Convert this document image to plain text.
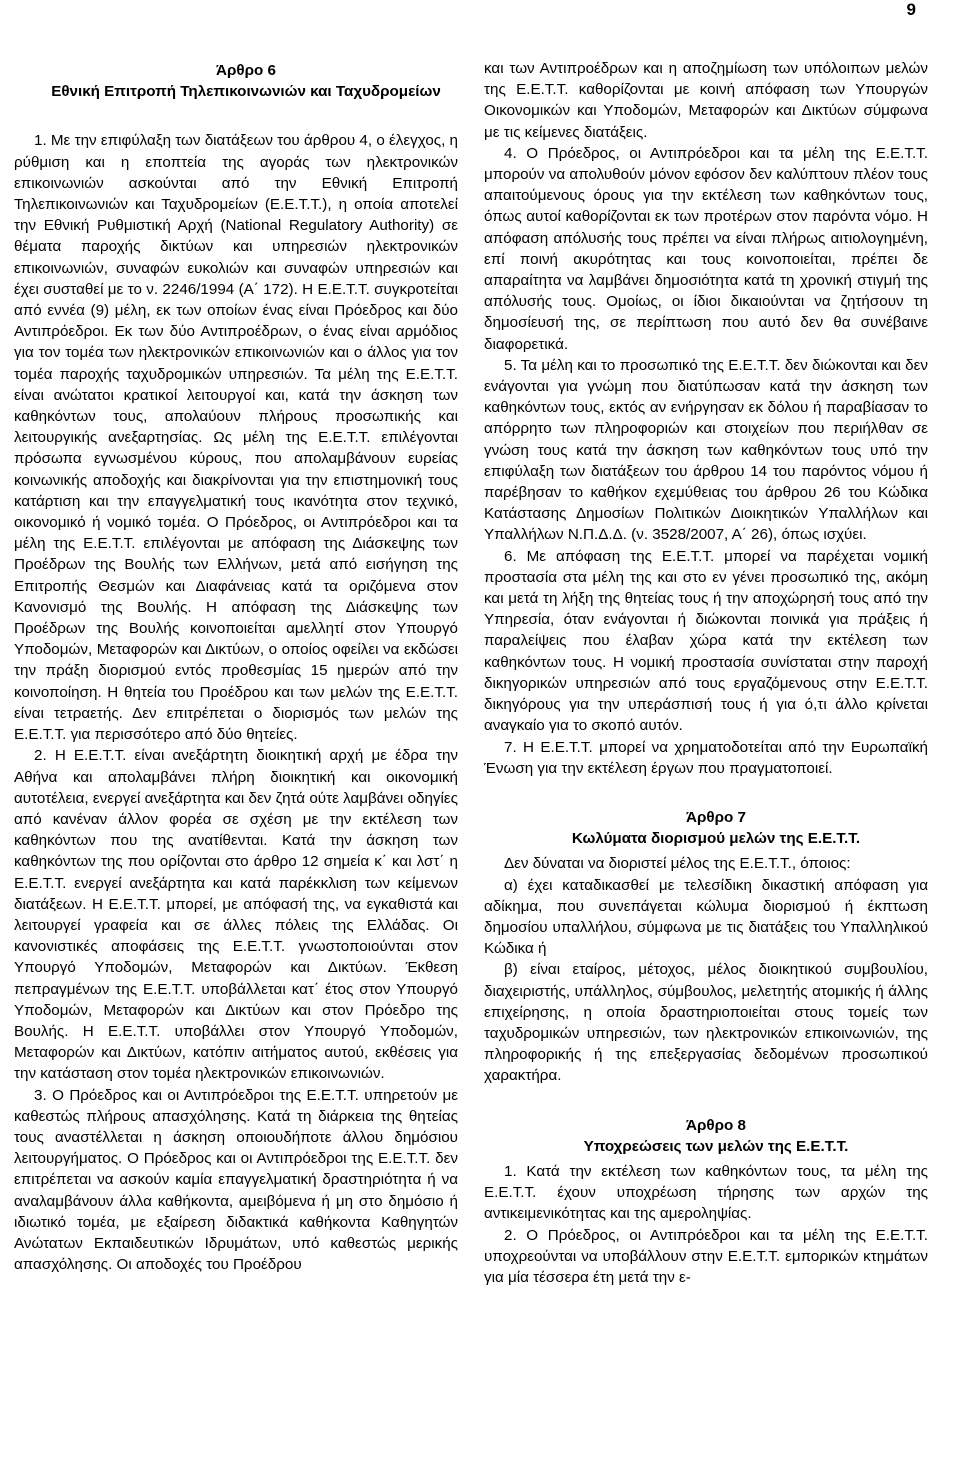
9

Άρθρο 6

Εθνική Επιτροπή Τηλεπικοινωνιών και Ταχυδρομείων

1. Με την επιφύλαξη των διατάξεων του άρθρου 4, ο έλεγχος, η ρύθμιση και η εποπτεία της αγοράς των ηλεκτρονικών επικοινωνιών ασκούνται από την Εθνική Επιτροπή Τηλεπικοινωνιών και Ταχυδρομείων (Ε.Ε.Τ.Τ.), η οποία αποτελεί την Εθνική Ρυθμιστική Αρχή (National Regulatory Authority) σε θέματα παροχής δικτύων και υπηρεσιών ηλεκτρονικών επικοινωνιών, συναφών ευκολιών και συναφών υπηρεσιών και έχει συσταθεί με το ν. 2246/1994 (Α΄ 172). Η Ε.Ε.Τ.Τ. συγκροτείται από εννέα (9) μέλη, εκ των οποίων ένας είναι Πρόεδρος και δύο Αντιπρόεδροι. Εκ των δύο Αντιπροέδρων, ο ένας είναι αρμόδιος για τον τομέα των ηλεκτρονικών επικοινωνιών και ο άλλος για τον τομέα παροχής ταχυδρομικών υπηρεσιών. Τα μέλη της Ε.Ε.Τ.Τ. είναι ανώτατοι κρατικοί λειτουργοί και, κατά την άσκηση των καθηκόντων τους, απολαύουν πλήρους προσωπικής και λειτουργικής ανεξαρτησίας. Ως μέλη της Ε.Ε.Τ.Τ. επιλέγονται πρόσωπα εγνωσμένου κύρους, που απολαμβάνουν ευρείας κοινωνικής αποδοχής και διακρίνονται για την επιστημονική τους κατάρτιση και την επαγγελματική τους ικανότητα στον τεχνικό, οικονομικό ή νομικό τομέα. Ο Πρόεδρος, οι Αντιπρόεδροι και τα μέλη της Ε.Ε.Τ.Τ. επιλέγονται με απόφαση της Διάσκεψης των Προέδρων της Βουλής των Ελλήνων, μετά από εισήγηση της Επιτροπής Θεσμών και Διαφάνειας κατά τα οριζόμενα στον Κανονισμό της Βουλής. Η απόφαση της Διάσκεψης των Προέδρων της Βουλής κοινοποιείται αμελλητί στον Υπουργό Υποδομών, Μεταφορών και Δικτύων, ο οποίος οφείλει να εκδώσει την πράξη διορισμού εντός προθεσμίας 15 ημερών από την κοινοποίηση. Η θητεία του Προέδρου και των μελών της Ε.Ε.Τ.Τ. είναι τετραετής. Δεν επιτρέπεται ο διορισμός των μελών της Ε.Ε.Τ.Τ. για περισσότερο από δύο θητείες.

2. Η Ε.Ε.Τ.Τ. είναι ανεξάρτητη διοικητική αρχή με έδρα την Αθήνα και απολαμβάνει πλήρη διοικητική και οικονομική αυτοτέλεια, ενεργεί ανεξάρτητα και δεν ζητά ούτε λαμβάνει οδηγίες από κανέναν άλλον φορέα σε σχέση με την εκτέλεση των καθηκόντων που της ανατίθενται. Κατά την άσκηση των καθηκόντων της που ορίζονται στο άρθρο 12 σημεία κ΄ και λστ΄ η Ε.Ε.Τ.Τ. ενεργεί ανεξάρτητα και κατά παρέκκλιση των κείμενων διατάξεων. Η Ε.Ε.Τ.Τ. μπορεί, με απόφασή της, να εγκαθιστά και λειτουργεί γραφεία και σε άλλες πόλεις της Ελλάδας. Οι κανονιστικές αποφάσεις της Ε.Ε.Τ.Τ. γνωστοποιούνται στον Υπουργό Υποδομών, Μεταφορών και Δικτύων. Έκθεση πεπραγμένων της Ε.Ε.Τ.Τ. υποβάλλεται κατ΄ έτος στον Υπουργό Υποδομών, Μεταφορών και Δικτύων και στον Πρόεδρο της Βουλής. Η Ε.Ε.Τ.Τ. υποβάλλει στον Υπουργό Υποδομών, Μεταφορών και Δικτύων, κατόπιν αιτήματος αυτού, εκθέσεις για την κατάσταση στον τομέα ηλεκτρονικών επικοινωνιών.

3. Ο Πρόεδρος και οι Αντιπρόεδροι της Ε.Ε.Τ.Τ. υπηρετούν με καθεστώς πλήρους απασχόλησης. Κατά τη διάρκεια της θητείας τους αναστέλλεται η άσκηση οποιουδήποτε άλλου δημόσιου λειτουργήματος. Ο Πρόεδρος και οι Αντιπρόεδροι της Ε.Ε.Τ.Τ. δεν επιτρέπεται να ασκούν καμία επαγγελματική δραστηριότητα ή να αναλαμβάνουν άλλα καθήκοντα, αμειβόμενα ή μη στο δημόσιο ή ιδιωτικό τομέα, με εξαίρεση διδακτικά καθήκοντα Καθηγητών Ανώτατων Εκπαιδευτικών Ιδρυμάτων, υπό καθεστώς μερικής απασχόλησης. Οι αποδοχές του Προέδρου

και των Αντιπροέδρων και η αποζημίωση των υπόλοιπων μελών της Ε.Ε.Τ.Τ. καθορίζονται με κοινή απόφαση των Υπουργών Οικονομικών και Υποδομών, Μεταφορών και Δικτύων σύμφωνα με τις κείμενες διατάξεις.

4. Ο Πρόεδρος, οι Αντιπρόεδροι και τα μέλη της Ε.Ε.Τ.Τ. μπορούν να απολυθούν μόνον εφόσον δεν καλύπτουν πλέον τους απαιτούμενους όρους για την εκτέλεση των καθηκόντων τους, όπως αυτοί καθορίζονται εκ των προτέρων στον παρόντα νόμο. Η απόφαση απόλυσής τους πρέπει να είναι πλήρως αιτιολογημένη, επί ποινή ακυρότητας και τους κοινοποιείται, πρέπει δε απαραίτητα να λαμβάνει δημοσιότητα κατά τη χρονική στιγμή της απόλυσής τους. Ομοίως, οι ίδιοι δικαιούνται να ζητήσουν τη δημοσίευσή της, σε περίπτωση που αυτό δεν θα συνέβαινε διαφορετικά.

5. Τα μέλη και το προσωπικό της Ε.Ε.Τ.Τ. δεν διώκονται και δεν ενάγονται για γνώμη που διατύπωσαν κατά την άσκηση των καθηκόντων τους, εκτός αν ενήργησαν εκ δόλου ή παραβίασαν το απόρρητο των πληροφοριών και στοιχείων που περιήλθαν σε γνώση τους κατά την άσκηση των καθηκόντων τους υπό την επιφύλαξη των διατάξεων του άρθρου 14 του παρόντος νόμου ή παρέβησαν το καθήκον εχεμύθειας του άρθρου 26 του Κώδικα Κατάστασης Δημοσίων Πολιτικών Διοικητικών Υπαλλήλων και Υπαλλήλων Ν.Π.Δ.Δ. (ν. 3528/2007, Α΄ 26), όπως ισχύει.

6. Με απόφαση της Ε.Ε.Τ.Τ. μπορεί να παρέχεται νομική προστασία στα μέλη της και στο εν γένει προσωπικό της, ακόμη και μετά τη λήξη της θητείας τους ή την αποχώρησή τους από την Υπηρεσία, όταν ενάγονται ή διώκονται ποινικά για πράξεις ή παραλείψεις που έλαβαν χώρα κατά την εκτέλεση των καθηκόντων τους. Η νομική προστασία συνίσταται στην παροχή δικηγορικών υπηρεσιών από τους εργαζόμενους στην Ε.Ε.Τ.Τ. δικηγόρους για την υπεράσπισή τους ή για ό,τι άλλο κρίνεται αναγκαίο για το σκοπό αυτόν.

7. Η Ε.Ε.Τ.Τ. μπορεί να χρηματοδοτείται από την Ευρωπαϊκή Ένωση για την εκτέλεση έργων που πραγματοποιεί.

Άρθρο 7

Κωλύματα διορισμού μελών της Ε.Ε.Τ.Τ.

Δεν δύναται να διοριστεί μέλος της Ε.Ε.Τ.Τ., όποιος:

α) έχει καταδικασθεί με τελεσίδικη δικαστική απόφαση για αδίκημα, που συνεπάγεται κώλυμα διορισμού ή έκπτωση δημοσίου υπαλλήλου, σύμφωνα με τις διατάξεις του Υπαλληλικού Κώδικα ή

β) είναι εταίρος, μέτοχος, μέλος διοικητικού συμβουλίου, διαχειριστής, υπάλληλος, σύμβουλος, μελετητής ατομικής ή άλλης επιχείρησης, η οποία δραστηριοποιείται στους τομείς των ταχυδρομικών υπηρεσιών, των ηλεκτρονικών επικοινωνιών, της πληροφορικής ή της επεξεργασίας δεδομένων προσωπικού χαρακτήρα.

Άρθρο 8

Υποχρεώσεις των μελών της Ε.Ε.Τ.Τ.

1. Κατά την εκτέλεση των καθηκόντων τους, τα μέλη της Ε.Ε.Τ.Τ. έχουν υποχρέωση τήρησης των αρχών της αντικειμενικότητας και της αμεροληψίας.

2. Ο Πρόεδρος, οι Αντιπρόεδροι και τα μέλη της Ε.Ε.Τ.Τ. υποχρεούνται να υποβάλλουν στην Ε.Ε.Τ.Τ. εμπορικών κτημάτων για μία τέσσερα έτη μετά την ε-
